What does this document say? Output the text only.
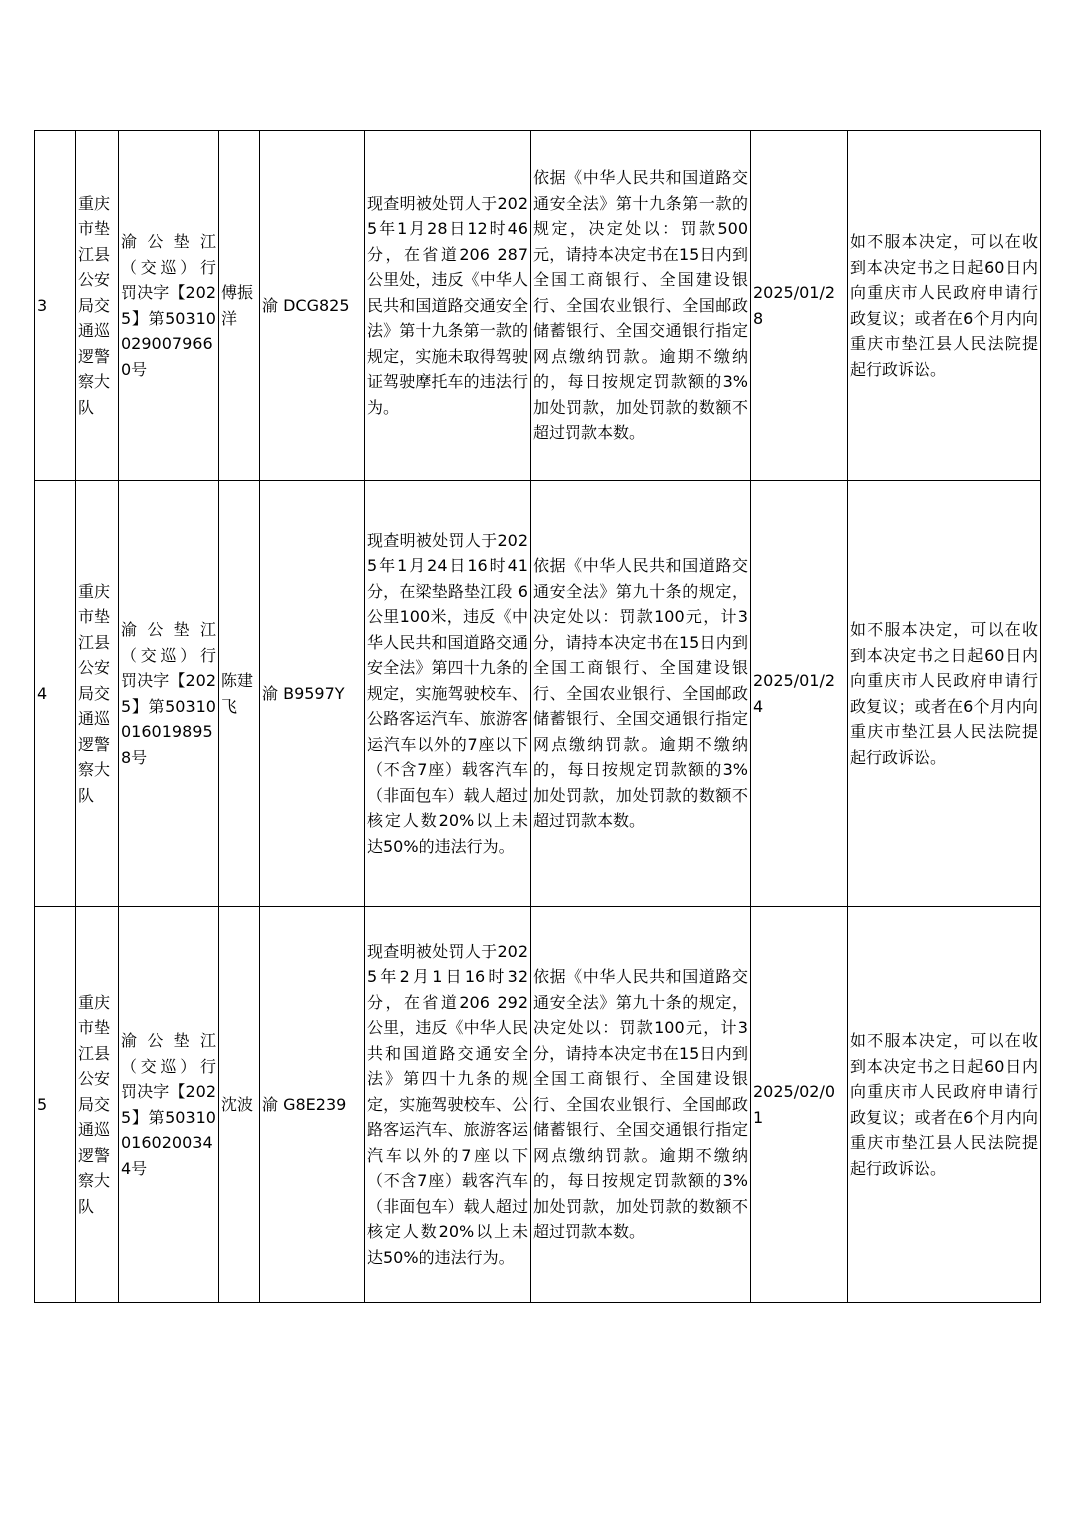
3	重庆市垫江县公安局交通巡逻警察大队	渝公垫江（交巡）行罚决字【2025】第503100290079660号	傅振洋	渝 DCG825	现查明被处罚人于2025年1月28日12时46分，在省道206 287公里处，违反《中华人民共和国道路交通安全法》第十九条第一款的规定，实施未取得驾驶证驾驶摩托车的违法行为。	依据《中华人民共和国道路交通安全法》第十九条第一款的规定，决定处以：罚款500元，请持本决定书在15日内到全国工商银行、全国建设银行、全国农业银行、全国邮政储蓄银行、全国交通银行指定网点缴纳罚款。逾期不缴纳的，每日按规定罚款额的3%加处罚款，加处罚款的数额不超过罚款本数。	2025/01/28	如不服本决定，可以在收到本决定书之日起60日内向重庆市人民政府申请行政复议；或者在6个月内向重庆市垫江县人民法院提起行政诉讼。
4	重庆市垫江县公安局交通巡逻警察大队	渝公垫江（交巡）行罚决字【2025】第503100160198958号	陈建飞	渝 B9597Y	现查明被处罚人于2025年1月24日16时41分，在梁垫路垫江段 6公里100米，违反《中华人民共和国道路交通安全法》第四十九条的规定，实施驾驶校车、公路客运汽车、旅游客运汽车以外的7座以下（不含7座）载客汽车（非面包车）载人超过核定人数20%以上未达50%的违法行为。	依据《中华人民共和国道路交通安全法》第九十条的规定，决定处以：罚款100元，计3分，请持本决定书在15日内到全国工商银行、全国建设银行、全国农业银行、全国邮政储蓄银行、全国交通银行指定网点缴纳罚款。逾期不缴纳的，每日按规定罚款额的3%加处罚款，加处罚款的数额不超过罚款本数。	2025/01/24	如不服本决定，可以在收到本决定书之日起60日内向重庆市人民政府申请行政复议；或者在6个月内向重庆市垫江县人民法院提起行政诉讼。
5	重庆市垫江县公安局交通巡逻警察大队	渝公垫江（交巡）行罚决字【2025】第503100160200344号	沈波	渝 G8E239	现查明被处罚人于2025年2月1日16时32分，在省道206 292公里，违反《中华人民共和国道路交通安全法》第四十九条的规定，实施驾驶校车、公路客运汽车、旅游客运汽车以外的7座以下（不含7座）载客汽车（非面包车）载人超过核定人数20%以上未达50%的违法行为。	依据《中华人民共和国道路交通安全法》第九十条的规定，决定处以：罚款100元，计3分，请持本决定书在15日内到全国工商银行、全国建设银行、全国农业银行、全国邮政储蓄银行、全国交通银行指定网点缴纳罚款。逾期不缴纳的，每日按规定罚款额的3%加处罚款，加处罚款的数额不超过罚款本数。	2025/02/01	如不服本决定，可以在收到本决定书之日起60日内向重庆市人民政府申请行政复议；或者在6个月内向重庆市垫江县人民法院提起行政诉讼。
